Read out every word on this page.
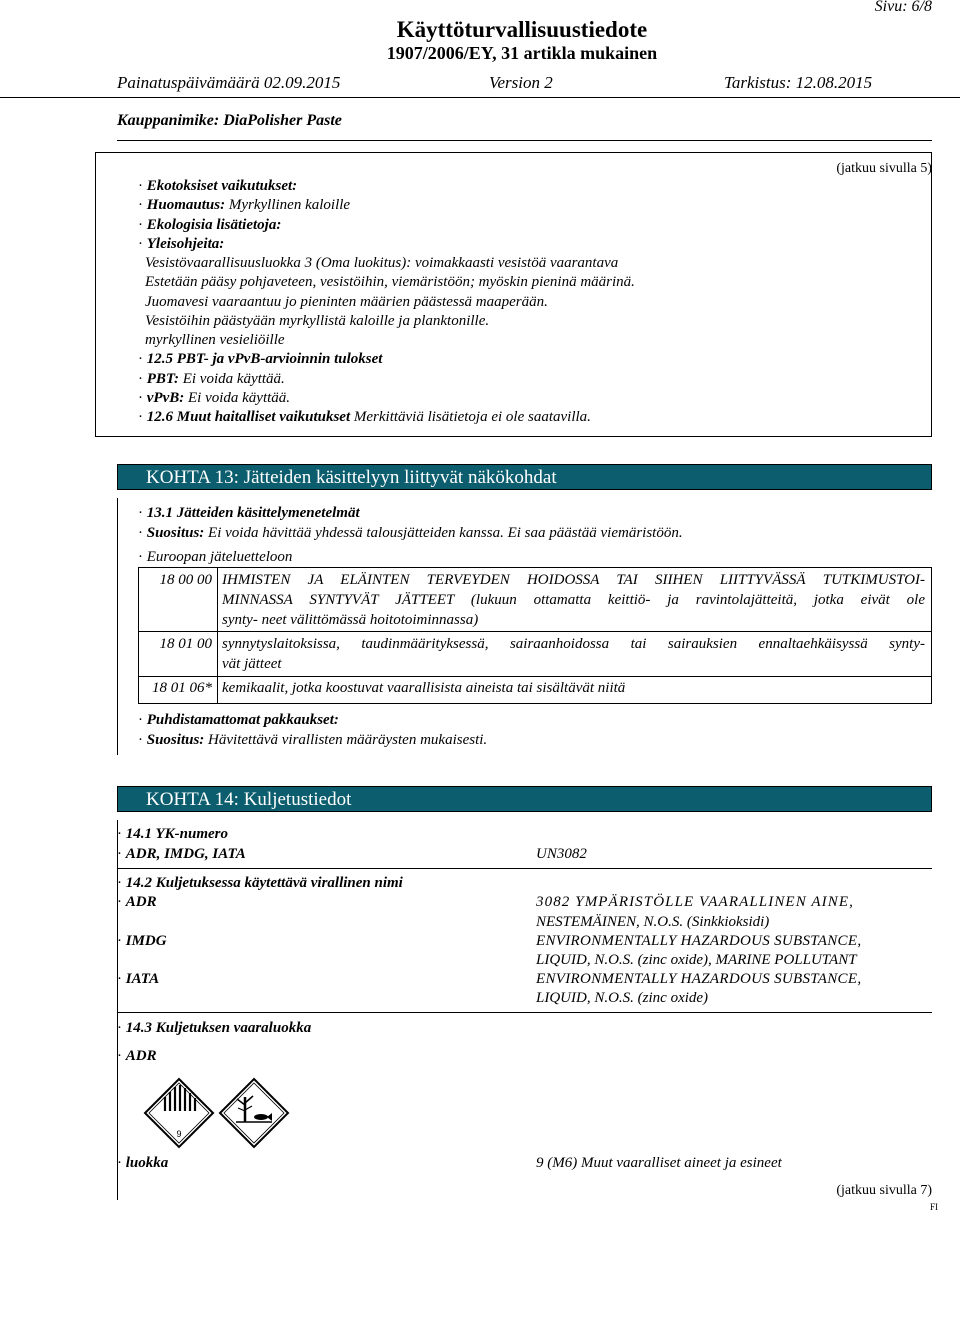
Sivu: 6/8
Käyttöturvallisuustiedote
1907/2006/EY, 31 artikla mukainen
Painatuspäivämäärä 02.09.2015	Version 2	Tarkistus: 12.08.2015
Kauppanimike: DiaPolisher Paste
(jatkuu sivulla 5)
· Ekotoksiset vaikutukset:
· Huomautus: Myrkyllinen kaloille
· Ekologisia lisätietoja:
· Yleisohjeita:
Vesistövaarallisuusluokka 3 (Oma luokitus): voimakkaasti vesistöä vaarantava
Estetään pääsy pohjaveteen, vesistöihin, viemäristöön; myöskin pieninä määrinä.
Juomavesi vaaraantuu jo pieninten määrien päästessä maaperään.
Vesistöihin päästyään myrkyllistä kaloille ja planktonille.
myrkyllinen vesieliöille
· 12.5 PBT- ja vPvB-arvioinnin tulokset
· PBT: Ei voida käyttää.
· vPvB: Ei voida käyttää.
· 12.6 Muut haitalliset vaikutukset Merkittäviä lisätietoja ei ole saatavilla.
KOHTA 13: Jätteiden käsittelyyn liittyvät näkökohdat
· 13.1 Jätteiden käsittelymenetelmät
· Suositus: Ei voida hävittää yhdessä talousjätteiden kanssa. Ei saa päästää viemäristöön.
· Euroopan jäteluetteloon
18 00 00 IHMISTEN JA ELÄINTEN TERVEYDEN HOIDOSSA TAI SIIHEN LIITTYVÄSSÄ TUTKIMUSTOI-
MINNASSA SYNTYVÄT JÄTTEET (lukuun ottamatta keittiö- ja ravintolajätteitä, jotka eivät ole
synty- neet välittömässä hoitotoiminnassa)
18 01 00 synnytyslaitoksissa, taudinmäärityksessä, sairaanhoidossa tai sairauksien ennaltaehkäisyssä synty-
vät jätteet
18 01 06* kemikaalit, jotka koostuvat vaarallisista aineista tai sisältävät niitä
· Puhdistamattomat pakkaukset:
· Suositus: Hävitettävä virallisten määräysten mukaisesti.
KOHTA 14: Kuljetustiedot
· 14.1 YK-numero
· ADR, IMDG, IATA	UN3082
· 14.2 Kuljetuksessa käytettävä virallinen nimi
· ADR	3082 YMPÄRISTÖLLE VAARALLINEN AINE,
NESTEMÄINEN, N.O.S. (Sinkkioksidi)
· IMDG	ENVIRONMENTALLY HAZARDOUS SUBSTANCE,
LIQUID, N.O.S. (zinc oxide), MARINE POLLUTANT
· IATA	ENVIRONMENTALLY HAZARDOUS SUBSTANCE,
LIQUID, N.O.S. (zinc oxide)
· 14.3 Kuljetuksen vaaraluokka
· ADR
9
· luokka	9 (M6) Muut vaaralliset aineet ja esineet
(jatkuu sivulla 7)
FI
